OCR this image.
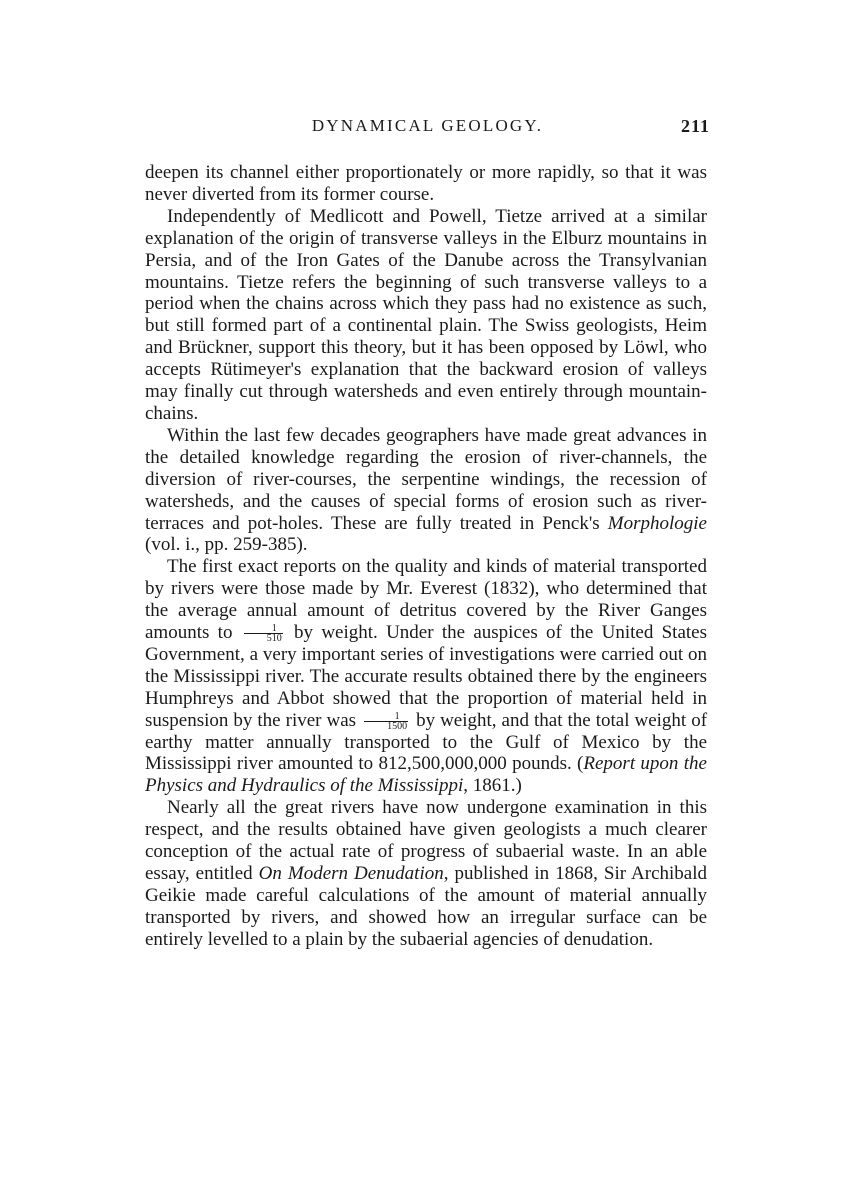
DYNAMICAL GEOLOGY.	211

deepen its channel either proportionately or more rapidly, so that it was never diverted from its former course.

Independently of Medlicott and Powell, Tietze arrived at a similar explanation of the origin of transverse valleys in the Elburz mountains in Persia, and of the Iron Gates of the Danube across the Transylvanian mountains. Tietze refers the beginning of such transverse valleys to a period when the chains across which they pass had no existence as such, but still formed part of a continental plain. The Swiss geologists, Heim and Brückner, support this theory, but it has been opposed by Löwl, who accepts Rütimeyer's explanation that the backward erosion of valleys may finally cut through watersheds and even entirely through mountain-chains.

Within the last few decades geographers have made great advances in the detailed knowledge regarding the erosion of river-channels, the diversion of river-courses, the serpentine windings, the recession of watersheds, and the causes of special forms of erosion such as river-terraces and pot-holes. These are fully treated in Penck's Morphologie (vol. i., pp. 259-385).

The first exact reports on the quality and kinds of material transported by rivers were those made by Mr. Everest (1832), who determined that the average annual amount of detritus covered by the River Ganges amounts to $\frac{1}{510}$ by weight. Under the auspices of the United States Government, a very important series of investigations were carried out on the Mississippi river. The accurate results obtained there by the engineers Humphreys and Abbot showed that the proportion of material held in suspension by the river was $\frac{1}{1500}$ by weight, and that the total weight of earthy matter annually transported to the Gulf of Mexico by the Mississippi river amounted to 812,500,000,000 pounds. (Report upon the Physics and Hydraulics of the Mississippi, 1861.)

Nearly all the great rivers have now undergone examination in this respect, and the results obtained have given geologists a much clearer conception of the actual rate of progress of subaerial waste. In an able essay, entitled On Modern Denudation, published in 1868, Sir Archibald Geikie made careful calculations of the amount of material annually transported by rivers, and showed how an irregular surface can be entirely levelled to a plain by the subaerial agencies of denudation.
